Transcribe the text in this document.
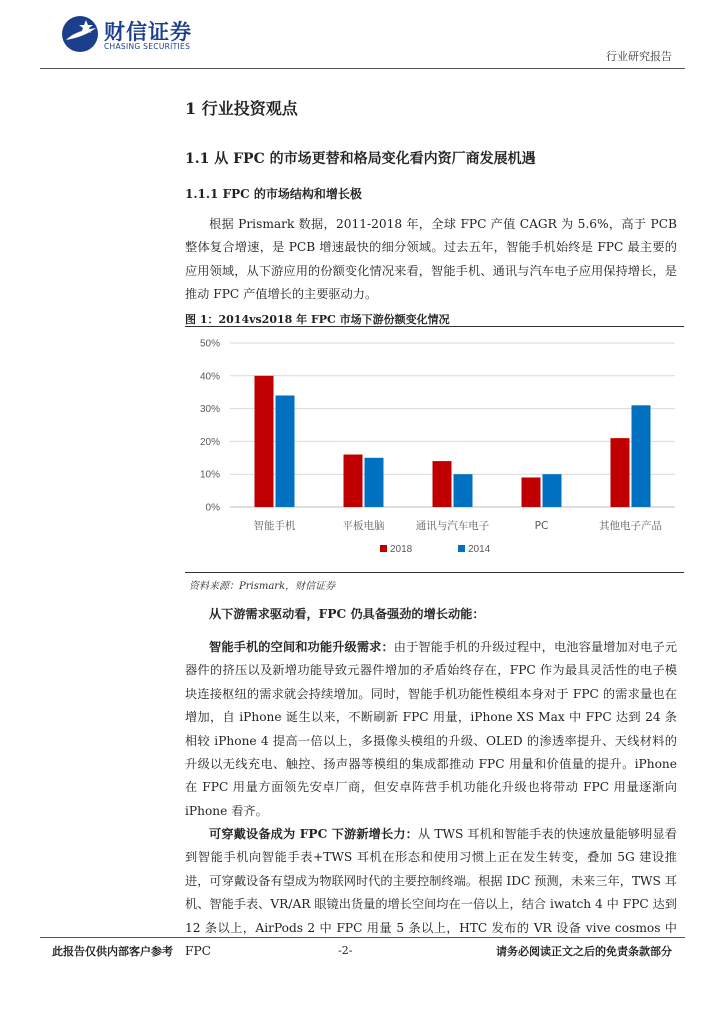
财信证券
CHASING SECURITIES
行业研究报告
1 行业投资观点
1.1 从 FPC 的市场更替和格局变化看内资厂商发展机遇
1.1.1 FPC 的市场结构和增长极
根据 Prismark 数据，2011-2018 年，全球 FPC 产值 CAGR 为 5.6%，高于 PCB 整体复合增速，是 PCB 增速最快的细分领域。过去五年，智能手机始终是 FPC 最主要的应用领域，从下游应用的份额变化情况来看，智能手机、通讯与汽车电子应用保持增长，是推动 FPC 产值增长的主要驱动力。
图 1：2014vs2018 年 FPC 市场下游份额变化情况
0%
10%
20%
30%
40%
50%
智能手机	平板电脑	通讯与汽车电子	PC	其他电子产品
2018	2014
资料来源：Prismark，财信证券
从下游需求驱动看，FPC 仍具备强劲的增长动能：
智能手机的空间和功能升级需求：由于智能手机的升级过程中，电池容量增加对电子元器件的挤压以及新增功能导致元器件增加的矛盾始终存在，FPC 作为最具灵活性的电子模块连接枢纽的需求就会持续增加。同时，智能手机功能性模组本身对于 FPC 的需求量也在增加，自 iPhone 诞生以来，不断刷新 FPC 用量，iPhone XS Max 中 FPC 达到 24 条相较 iPhone 4 提高一倍以上，多摄像头模组的升级、OLED 的渗透率提升、天线材料的升级以无线充电、触控、扬声器等模组的集成都推动 FPC 用量和价值量的提升。iPhone 在 FPC 用量方面领先安卓厂商，但安卓阵营手机功能化升级也将带动 FPC 用量逐渐向 iPhone 看齐。
可穿戴设备成为 FPC 下游新增长力：从 TWS 耳机和智能手表的快速放量能够明显看到智能手机向智能手表+TWS 耳机在形态和使用习惯上正在发生转变，叠加 5G 建设推进，可穿戴设备有望成为物联网时代的主要控制终端。根据 IDC 预测，未来三年，TWS 耳机、智能手表、VR/AR 眼镜出货量的增长空间均在一倍以上，结合 iwatch 4 中 FPC 达到 12 条以上，AirPods 2 中 FPC 用量 5 条以上，HTC 发布的 VR 设备 vive cosmos 中 FPC
此报告仅供内部客户参考	-2-	请务必阅读正文之后的免责条款部分
